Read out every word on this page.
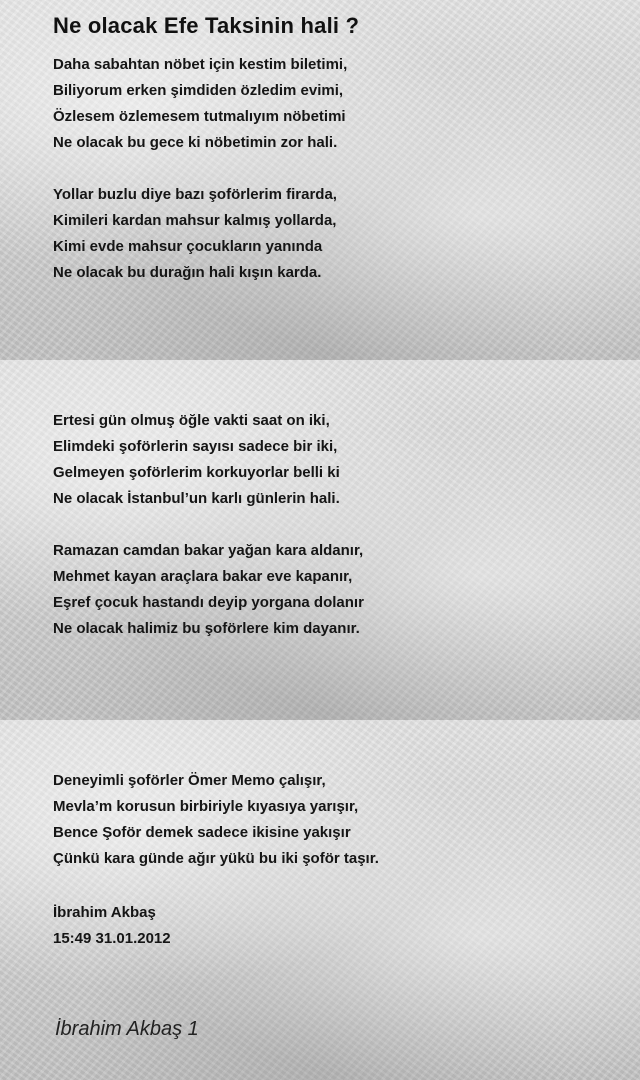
Ne olacak Efe Taksinin hali ?
Daha sabahtan nöbet için kestim biletimi,
Biliyorum erken şimdiden özledim evimi,
Özlesem özlemesem tutmalıyım nöbetimi
Ne olacak bu gece ki nöbetimin zor hali.
Yollar buzlu diye bazı şoförlerim firarda,
Kimileri kardan mahsur kalmış yollarda,
Kimi evde mahsur çocukların yanında
Ne olacak bu durağın hali kışın karda.
Ertesi gün olmuş öğle vakti saat on iki,
Elimdeki şoförlerin sayısı sadece bir iki,
Gelmeyen şoförlerim korkuyorlar belli ki
Ne olacak İstanbul’un karlı günlerin hali.
Ramazan camdan bakar yağan kara aldanır,
Mehmet kayan araçlara bakar eve kapanır,
Eşref çocuk hastandı deyip yorgana dolanır
Ne olacak halimiz bu şoförlere kim dayanır.
Deneyimli şoförler Ömer Memo çalışır,
Mevla’m korusun birbiriyle kıyasıya yarışır,
Bence Şoför demek sadece ikisine yakışır
Çünkü kara günde ağır yükü bu iki şoför taşır.
İbrahim Akbaş
15:49 31.01.2012

İbrahim Akbaş 1
